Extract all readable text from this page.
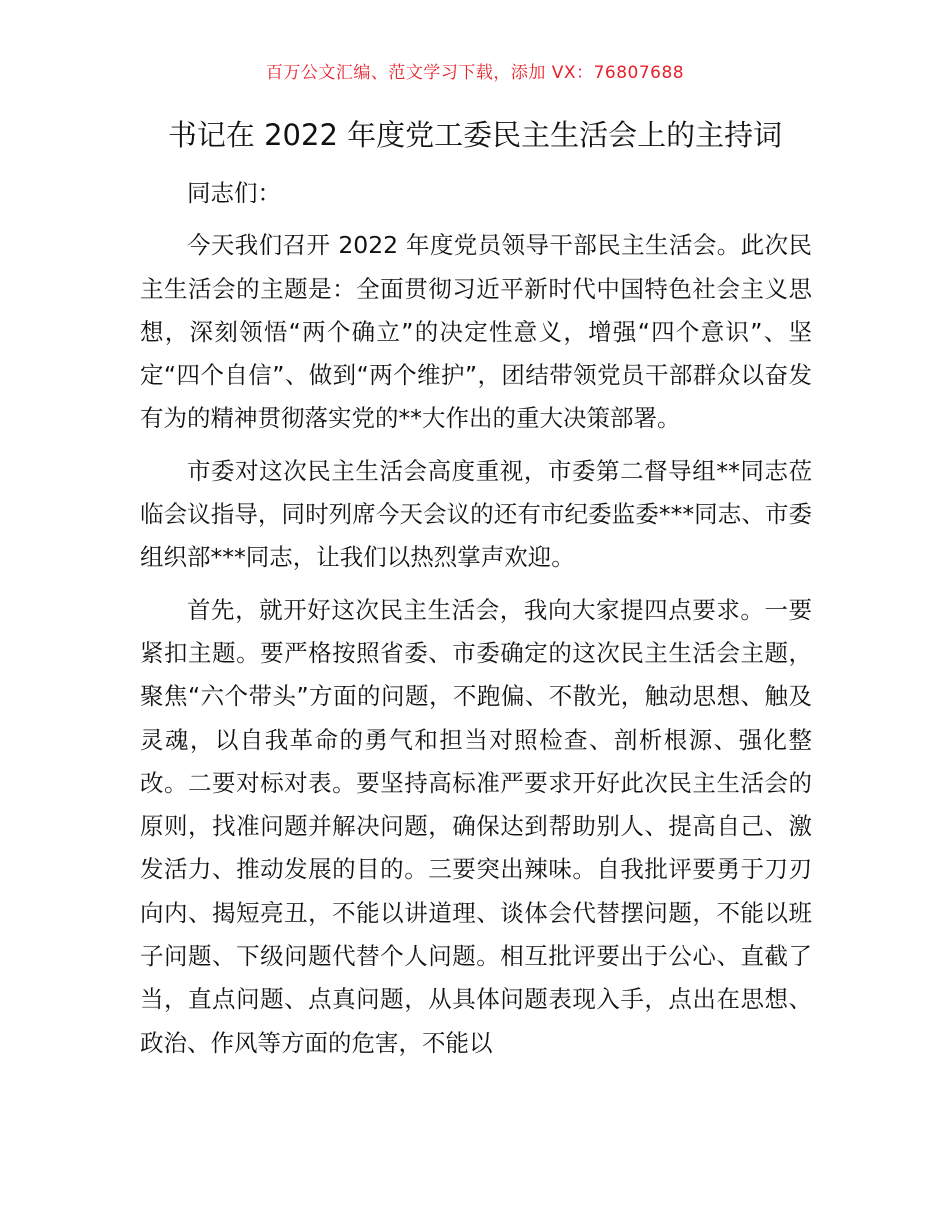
百万公文汇编、范文学习下载，添加 VX：76807688
书记在 2022 年度党工委民主生活会上的主持词

同志们：

今天我们召开 2022 年度党员领导干部民主生活会。此次民主生活会的主题是：全面贯彻习近平新时代中国特色社会主义思想，深刻领悟“两个确立”的决定性意义，增强“四个意识”、坚定“四个自信”、做到“两个维护”，团结带领党员干部群众以奋发有为的精神贯彻落实党的**大作出的重大决策部署。

市委对这次民主生活会高度重视，市委第二督导组**同志莅临会议指导，同时列席今天会议的还有市纪委监委***同志、市委组织部***同志，让我们以热烈掌声欢迎。

首先，就开好这次民主生活会，我向大家提四点要求。一要紧扣主题。要严格按照省委、市委确定的这次民主生活会主题，聚焦“六个带头”方面的问题，不跑偏、不散光，触动思想、触及灵魂，以自我革命的勇气和担当对照检查、剖析根源、强化整改。二要对标对表。要坚持高标准严要求开好此次民主生活会的原则，找准问题并解决问题，确保达到帮助别人、提高自己、激发活力、推动发展的目的。三要突出辣味。自我批评要勇于刀刃向内、揭短亮丑，不能以讲道理、谈体会代替摆问题，不能以班子问题、下级问题代替个人问题。相互批评要出于公心、直截了当，直点问题、点真问题，从具体问题表现入手，点出在思想、政治、作风等方面的危害，不能以
